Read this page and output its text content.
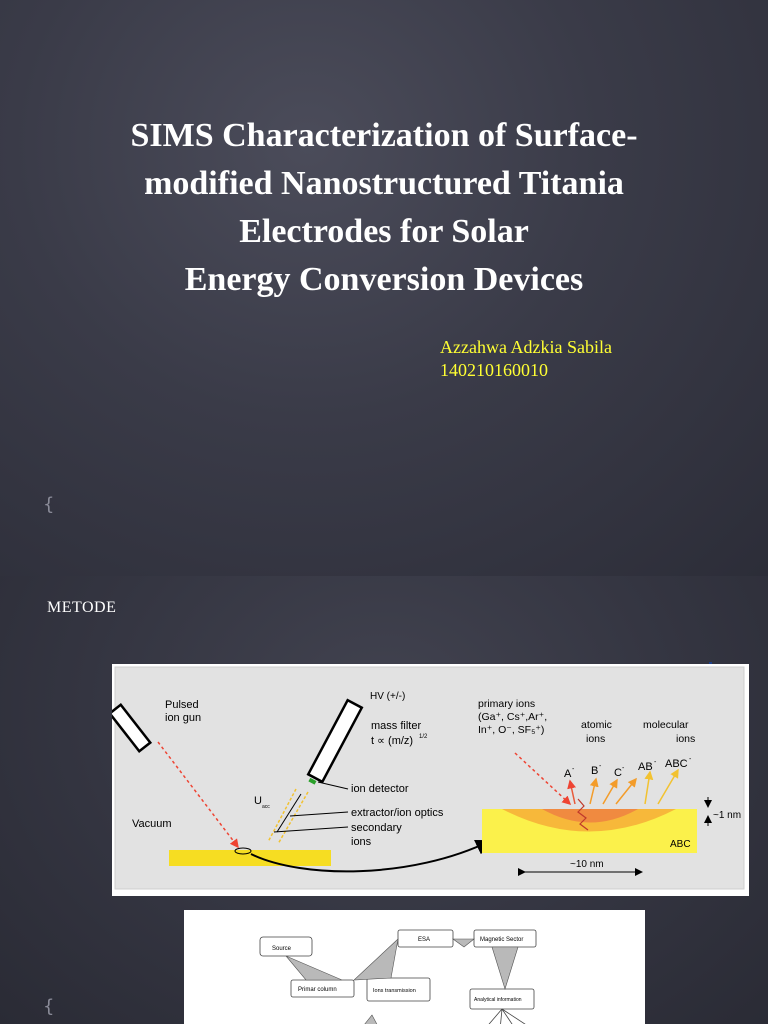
{
SIMS Characterization of Surface-
modified Nanostructured Titania
Electrodes for Solar
Energy Conversion Devices
Azzahwa Adzkia Sabila
140210160010
METODE
{
Pulsed
ion gun
HV (+/-)
mass filter
t ∝ (m/z) 1/2
ion detector
extractor/ion optics
secondary
ions
U acc
Vacuum
primary ions
(Ga⁺, Cs⁺,Ar⁺,
In⁺, O⁻, SF₅⁺)	atomic
ions
molecular
ions
ABC
A - B -
C - AB - ABC -
~1 nm
~10 nm
Source
ESA	Magnetic Sector
Primar column	Ions transmission
Analytical information
